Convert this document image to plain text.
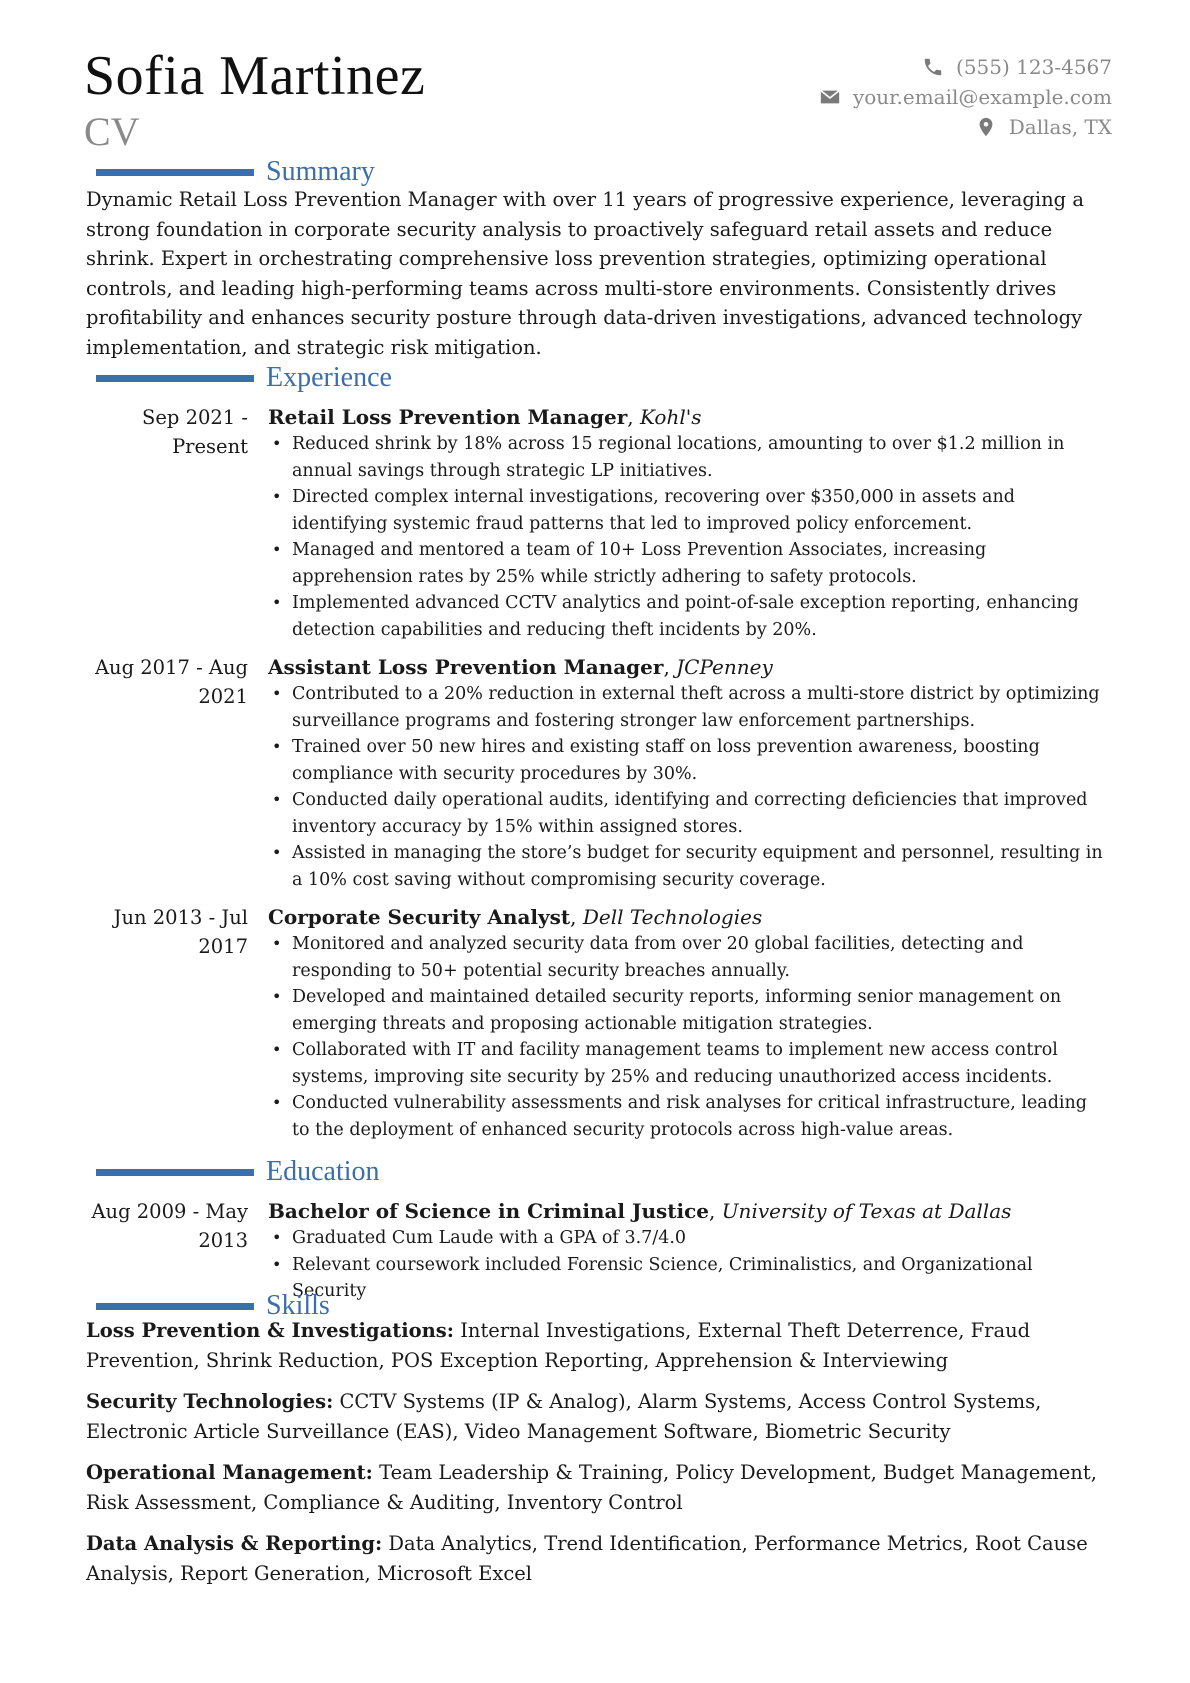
Sofia Martinez
CV
(555) 123-4567
your.email@example.com
Dallas, TX
Summary
Dynamic Retail Loss Prevention Manager with over 11 years of progressive experience, leveraging a strong foundation in corporate security analysis to proactively safeguard retail assets and reduce shrink. Expert in orchestrating comprehensive loss prevention strategies, optimizing operational controls, and leading high-performing teams across multi-store environments. Consistently drives profitability and enhances security posture through data-driven investigations, advanced technology implementation, and strategic risk mitigation.
Experience
Sep 2021 - Present
Retail Loss Prevention Manager, Kohl's
• Reduced shrink by 18% across 15 regional locations, amounting to over $1.2 million in annual savings through strategic LP initiatives.
• Directed complex internal investigations, recovering over $350,000 in assets and identifying systemic fraud patterns that led to improved policy enforcement.
• Managed and mentored a team of 10+ Loss Prevention Associates, increasing apprehension rates by 25% while strictly adhering to safety protocols.
• Implemented advanced CCTV analytics and point-of-sale exception reporting, enhancing detection capabilities and reducing theft incidents by 20%.
Aug 2017 - Aug 2021
Assistant Loss Prevention Manager, JCPenney
• Contributed to a 20% reduction in external theft across a multi-store district by optimizing surveillance programs and fostering stronger law enforcement partnerships.
• Trained over 50 new hires and existing staff on loss prevention awareness, boosting compliance with security procedures by 30%.
• Conducted daily operational audits, identifying and correcting deficiencies that improved inventory accuracy by 15% within assigned stores.
• Assisted in managing the store’s budget for security equipment and personnel, resulting in a 10% cost saving without compromising security coverage.
Jun 2013 - Jul 2017
Corporate Security Analyst, Dell Technologies
• Monitored and analyzed security data from over 20 global facilities, detecting and responding to 50+ potential security breaches annually.
• Developed and maintained detailed security reports, informing senior management on emerging threats and proposing actionable mitigation strategies.
• Collaborated with IT and facility management teams to implement new access control systems, improving site security by 25% and reducing unauthorized access incidents.
• Conducted vulnerability assessments and risk analyses for critical infrastructure, leading to the deployment of enhanced security protocols across high-value areas.
Education
Aug 2009 - May 2013
Bachelor of Science in Criminal Justice, University of Texas at Dallas
• Graduated Cum Laude with a GPA of 3.7/4.0
• Relevant coursework included Forensic Science, Criminalistics, and Organizational Security
Skills
Loss Prevention & Investigations: Internal Investigations, External Theft Deterrence, Fraud Prevention, Shrink Reduction, POS Exception Reporting, Apprehension & Interviewing
Security Technologies: CCTV Systems (IP & Analog), Alarm Systems, Access Control Systems, Electronic Article Surveillance (EAS), Video Management Software, Biometric Security
Operational Management: Team Leadership & Training, Policy Development, Budget Management, Risk Assessment, Compliance & Auditing, Inventory Control
Data Analysis & Reporting: Data Analytics, Trend Identification, Performance Metrics, Root Cause Analysis, Report Generation, Microsoft Excel
